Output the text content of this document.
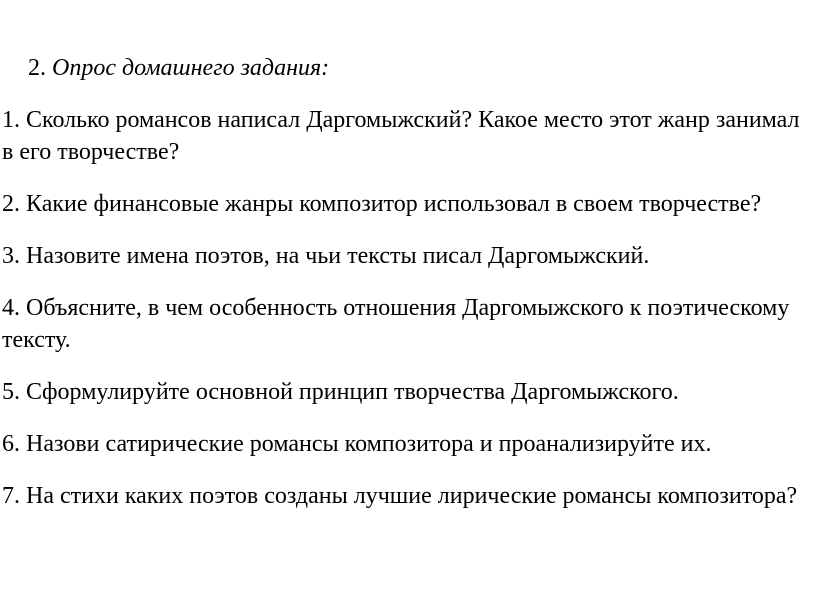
2. Опрос домашнего задания:
1. Сколько романсов написал Даргомыжский? Какое место этот жанр занимал в его творчестве?
2. Какие финансовые жанры композитор использовал в своем творчестве?
3. Назовите имена поэтов, на чьи тексты писал Даргомыжский.
4. Объясните, в чем особенность отношения Даргомыжского к поэтическому тексту.
5. Сформулируйте основной принцип творчества Даргомыжского.
6. Назови сатирические романсы композитора и проанализируйте их.
7. На стихи каких поэтов созданы лучшие лирические романсы композитора?
